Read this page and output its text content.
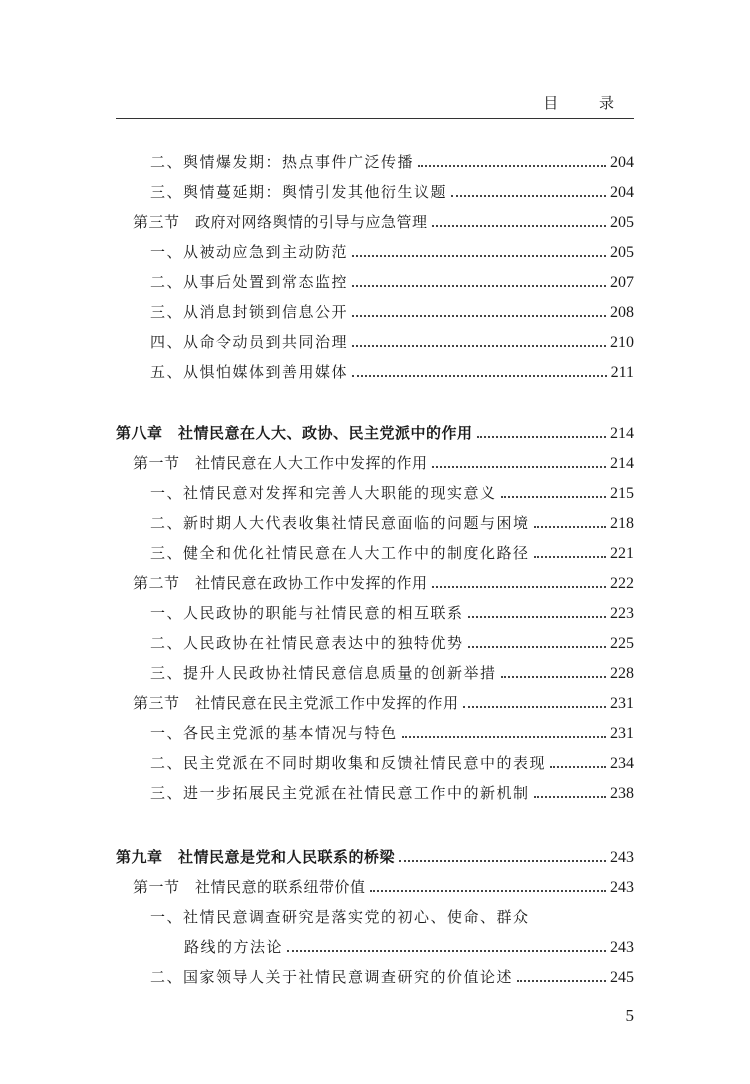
目 录
二、舆情爆发期：热点事件广泛传播	204
三、舆情蔓延期：舆情引发其他衍生议题	204
第三节　政府对网络舆情的引导与应急管理	205
一、从被动应急到主动防范	205
二、从事后处置到常态监控	207
三、从消息封锁到信息公开	208
四、从命令动员到共同治理	210
五、从惧怕媒体到善用媒体	211
第八章　社情民意在人大、政协、民主党派中的作用	214
第一节　社情民意在人大工作中发挥的作用	214
一、社情民意对发挥和完善人大职能的现实意义	215
二、新时期人大代表收集社情民意面临的问题与困境	218
三、健全和优化社情民意在人大工作中的制度化路径	221
第二节　社情民意在政协工作中发挥的作用	222
一、人民政协的职能与社情民意的相互联系	223
二、人民政协在社情民意表达中的独特优势	225
三、提升人民政协社情民意信息质量的创新举措	228
第三节　社情民意在民主党派工作中发挥的作用	231
一、各民主党派的基本情况与特色	231
二、民主党派在不同时期收集和反馈社情民意中的表现	234
三、进一步拓展民主党派在社情民意工作中的新机制	238
第九章　社情民意是党和人民联系的桥梁	243
第一节　社情民意的联系纽带价值	243
一、社情民意调查研究是落实党的初心、使命、群众
路线的方法论	243
二、国家领导人关于社情民意调查研究的价值论述	245
5
